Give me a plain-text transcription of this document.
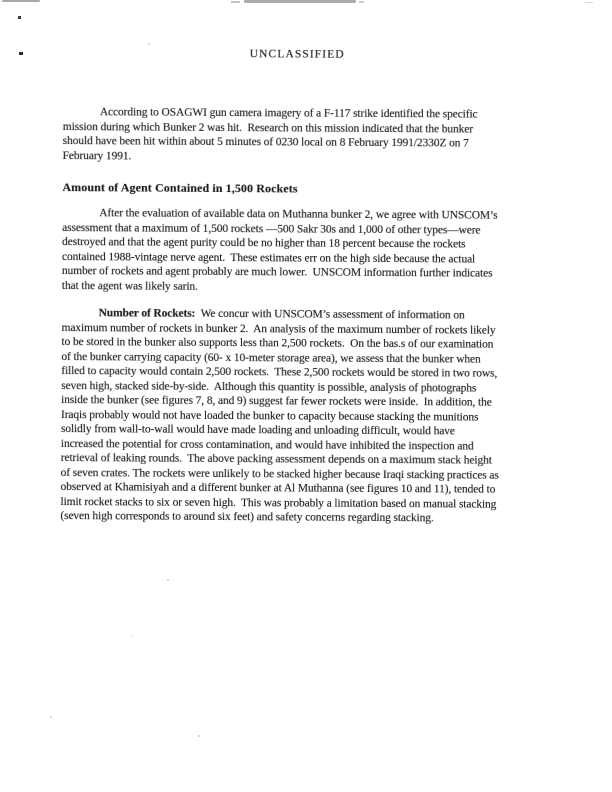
UNCLASSIFIED
According to OSAGWI gun camera imagery of a F-117 strike identified the specific
mission during which Bunker 2 was hit.  Research on this mission indicated that the bunker
should have been hit within about 5 minutes of 0230 local on 8 February 1991/2330Z on 7
February 1991.
Amount of Agent Contained in 1,500 Rockets
After the evaluation of available data on Muthanna bunker 2, we agree with UNSCOM’s
assessment that a maximum of 1,500 rockets —500 Sakr 30s and 1,000 of other types—were
destroyed and that the agent purity could be no higher than 18 percent because the rockets
contained 1988-vintage nerve agent.  These estimates err on the high side because the actual
number of rockets and agent probably are much lower.  UNSCOM information further indicates
that the agent was likely sarin.
Number of Rockets:  We concur with UNSCOM’s assessment of information on
maximum number of rockets in bunker 2.  An analysis of the maximum number of rockets likely
to be stored in the bunker also supports less than 2,500 rockets.  On the bas.s of our examination
of the bunker carrying capacity (60- x 10-meter storage area), we assess that the bunker when
filled to capacity would contain 2,500 rockets.  These 2,500 rockets would be stored in two rows,
seven high, stacked side-by-side.  Although this quantity is possible, analysis of photographs
inside the bunker (see figures 7, 8, and 9) suggest far fewer rockets were inside.  In addition, the
Iraqis probably would not have loaded the bunker to capacity because stacking the munitions
solidly from wall-to-wall would have made loading and unloading difficult, would have
increased the potential for cross contamination, and would have inhibited the inspection and
retrieval of leaking rounds.  The above packing assessment depends on a maximum stack height
of seven crates. The rockets were unlikely to be stacked higher because Iraqi stacking practices as
observed at Khamisiyah and a different bunker at Al Muthanna (see figures 10 and 11), tended to
limit rocket stacks to six or seven high.  This was probably a limitation based on manual stacking
(seven high corresponds to around six feet) and safety concerns regarding stacking.
